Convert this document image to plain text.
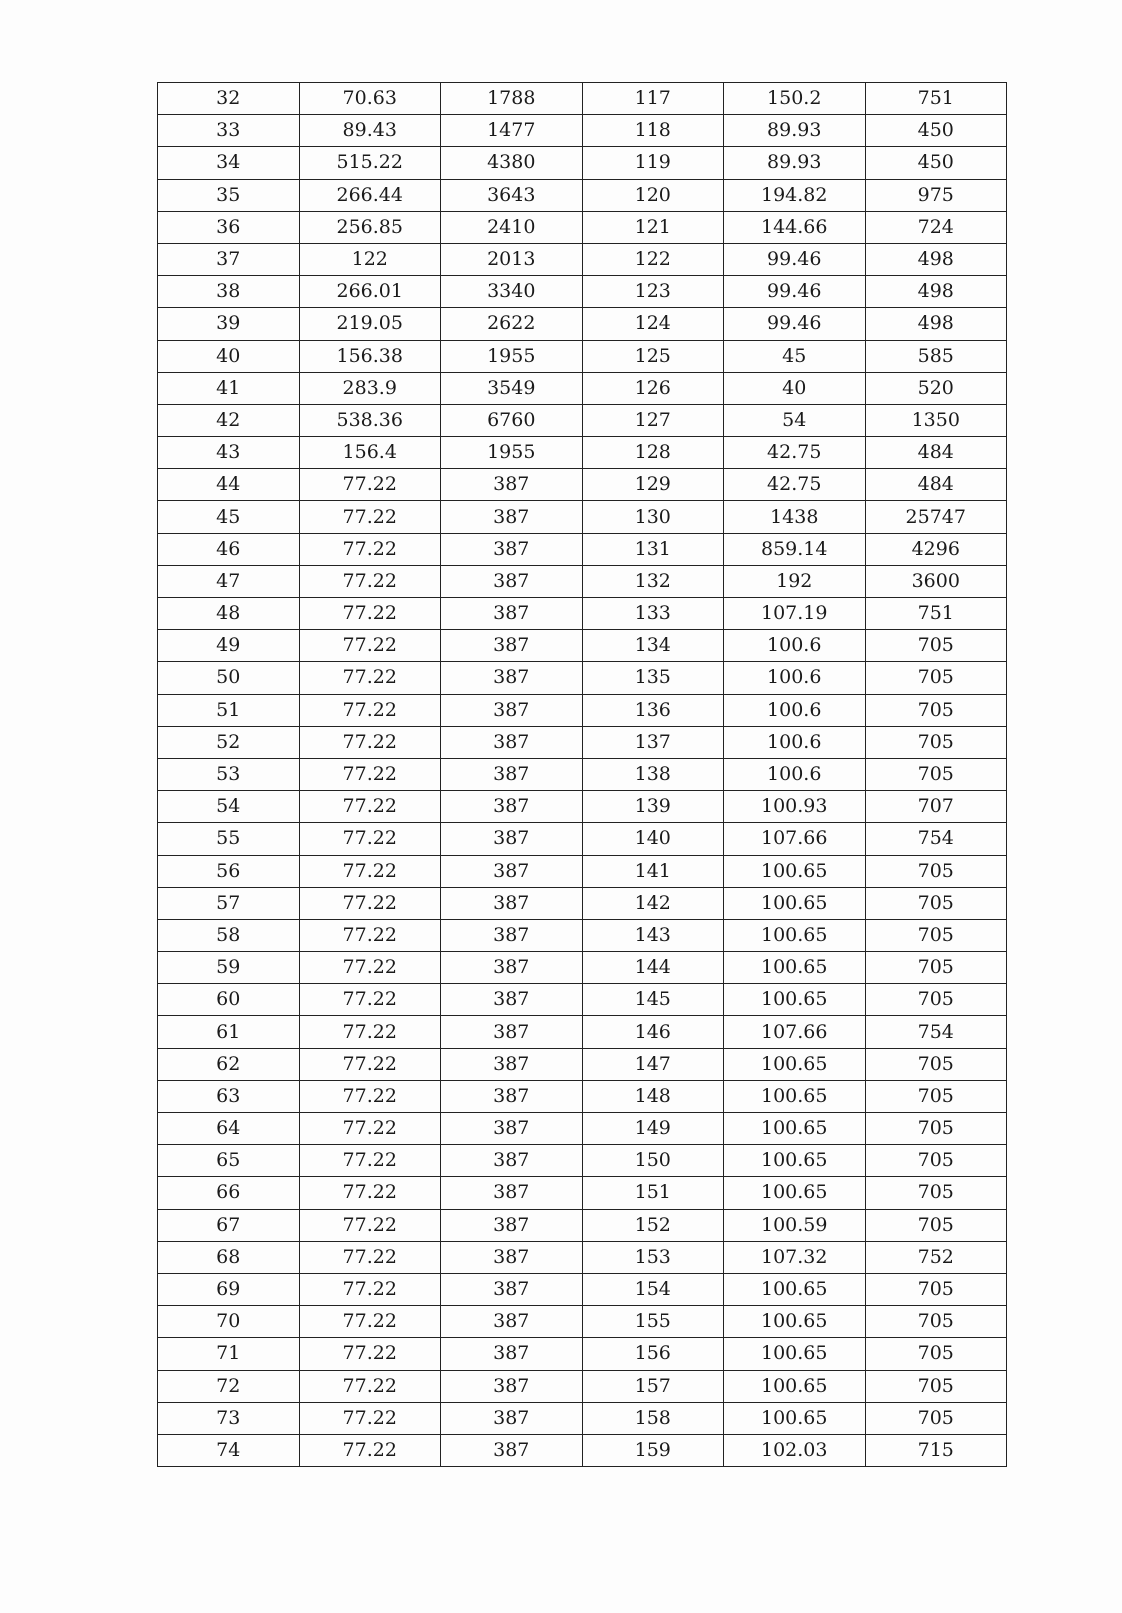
32	70.63	1788	117	150.2	751
33	89.43	1477	118	89.93	450
34	515.22	4380	119	89.93	450
35	266.44	3643	120	194.82	975
36	256.85	2410	121	144.66	724
37	122	2013	122	99.46	498
38	266.01	3340	123	99.46	498
39	219.05	2622	124	99.46	498
40	156.38	1955	125	45	585
41	283.9	3549	126	40	520
42	538.36	6760	127	54	1350
43	156.4	1955	128	42.75	484
44	77.22	387	129	42.75	484
45	77.22	387	130	1438	25747
46	77.22	387	131	859.14	4296
47	77.22	387	132	192	3600
48	77.22	387	133	107.19	751
49	77.22	387	134	100.6	705
50	77.22	387	135	100.6	705
51	77.22	387	136	100.6	705
52	77.22	387	137	100.6	705
53	77.22	387	138	100.6	705
54	77.22	387	139	100.93	707
55	77.22	387	140	107.66	754
56	77.22	387	141	100.65	705
57	77.22	387	142	100.65	705
58	77.22	387	143	100.65	705
59	77.22	387	144	100.65	705
60	77.22	387	145	100.65	705
61	77.22	387	146	107.66	754
62	77.22	387	147	100.65	705
63	77.22	387	148	100.65	705
64	77.22	387	149	100.65	705
65	77.22	387	150	100.65	705
66	77.22	387	151	100.65	705
67	77.22	387	152	100.59	705
68	77.22	387	153	107.32	752
69	77.22	387	154	100.65	705
70	77.22	387	155	100.65	705
71	77.22	387	156	100.65	705
72	77.22	387	157	100.65	705
73	77.22	387	158	100.65	705
74	77.22	387	159	102.03	715
